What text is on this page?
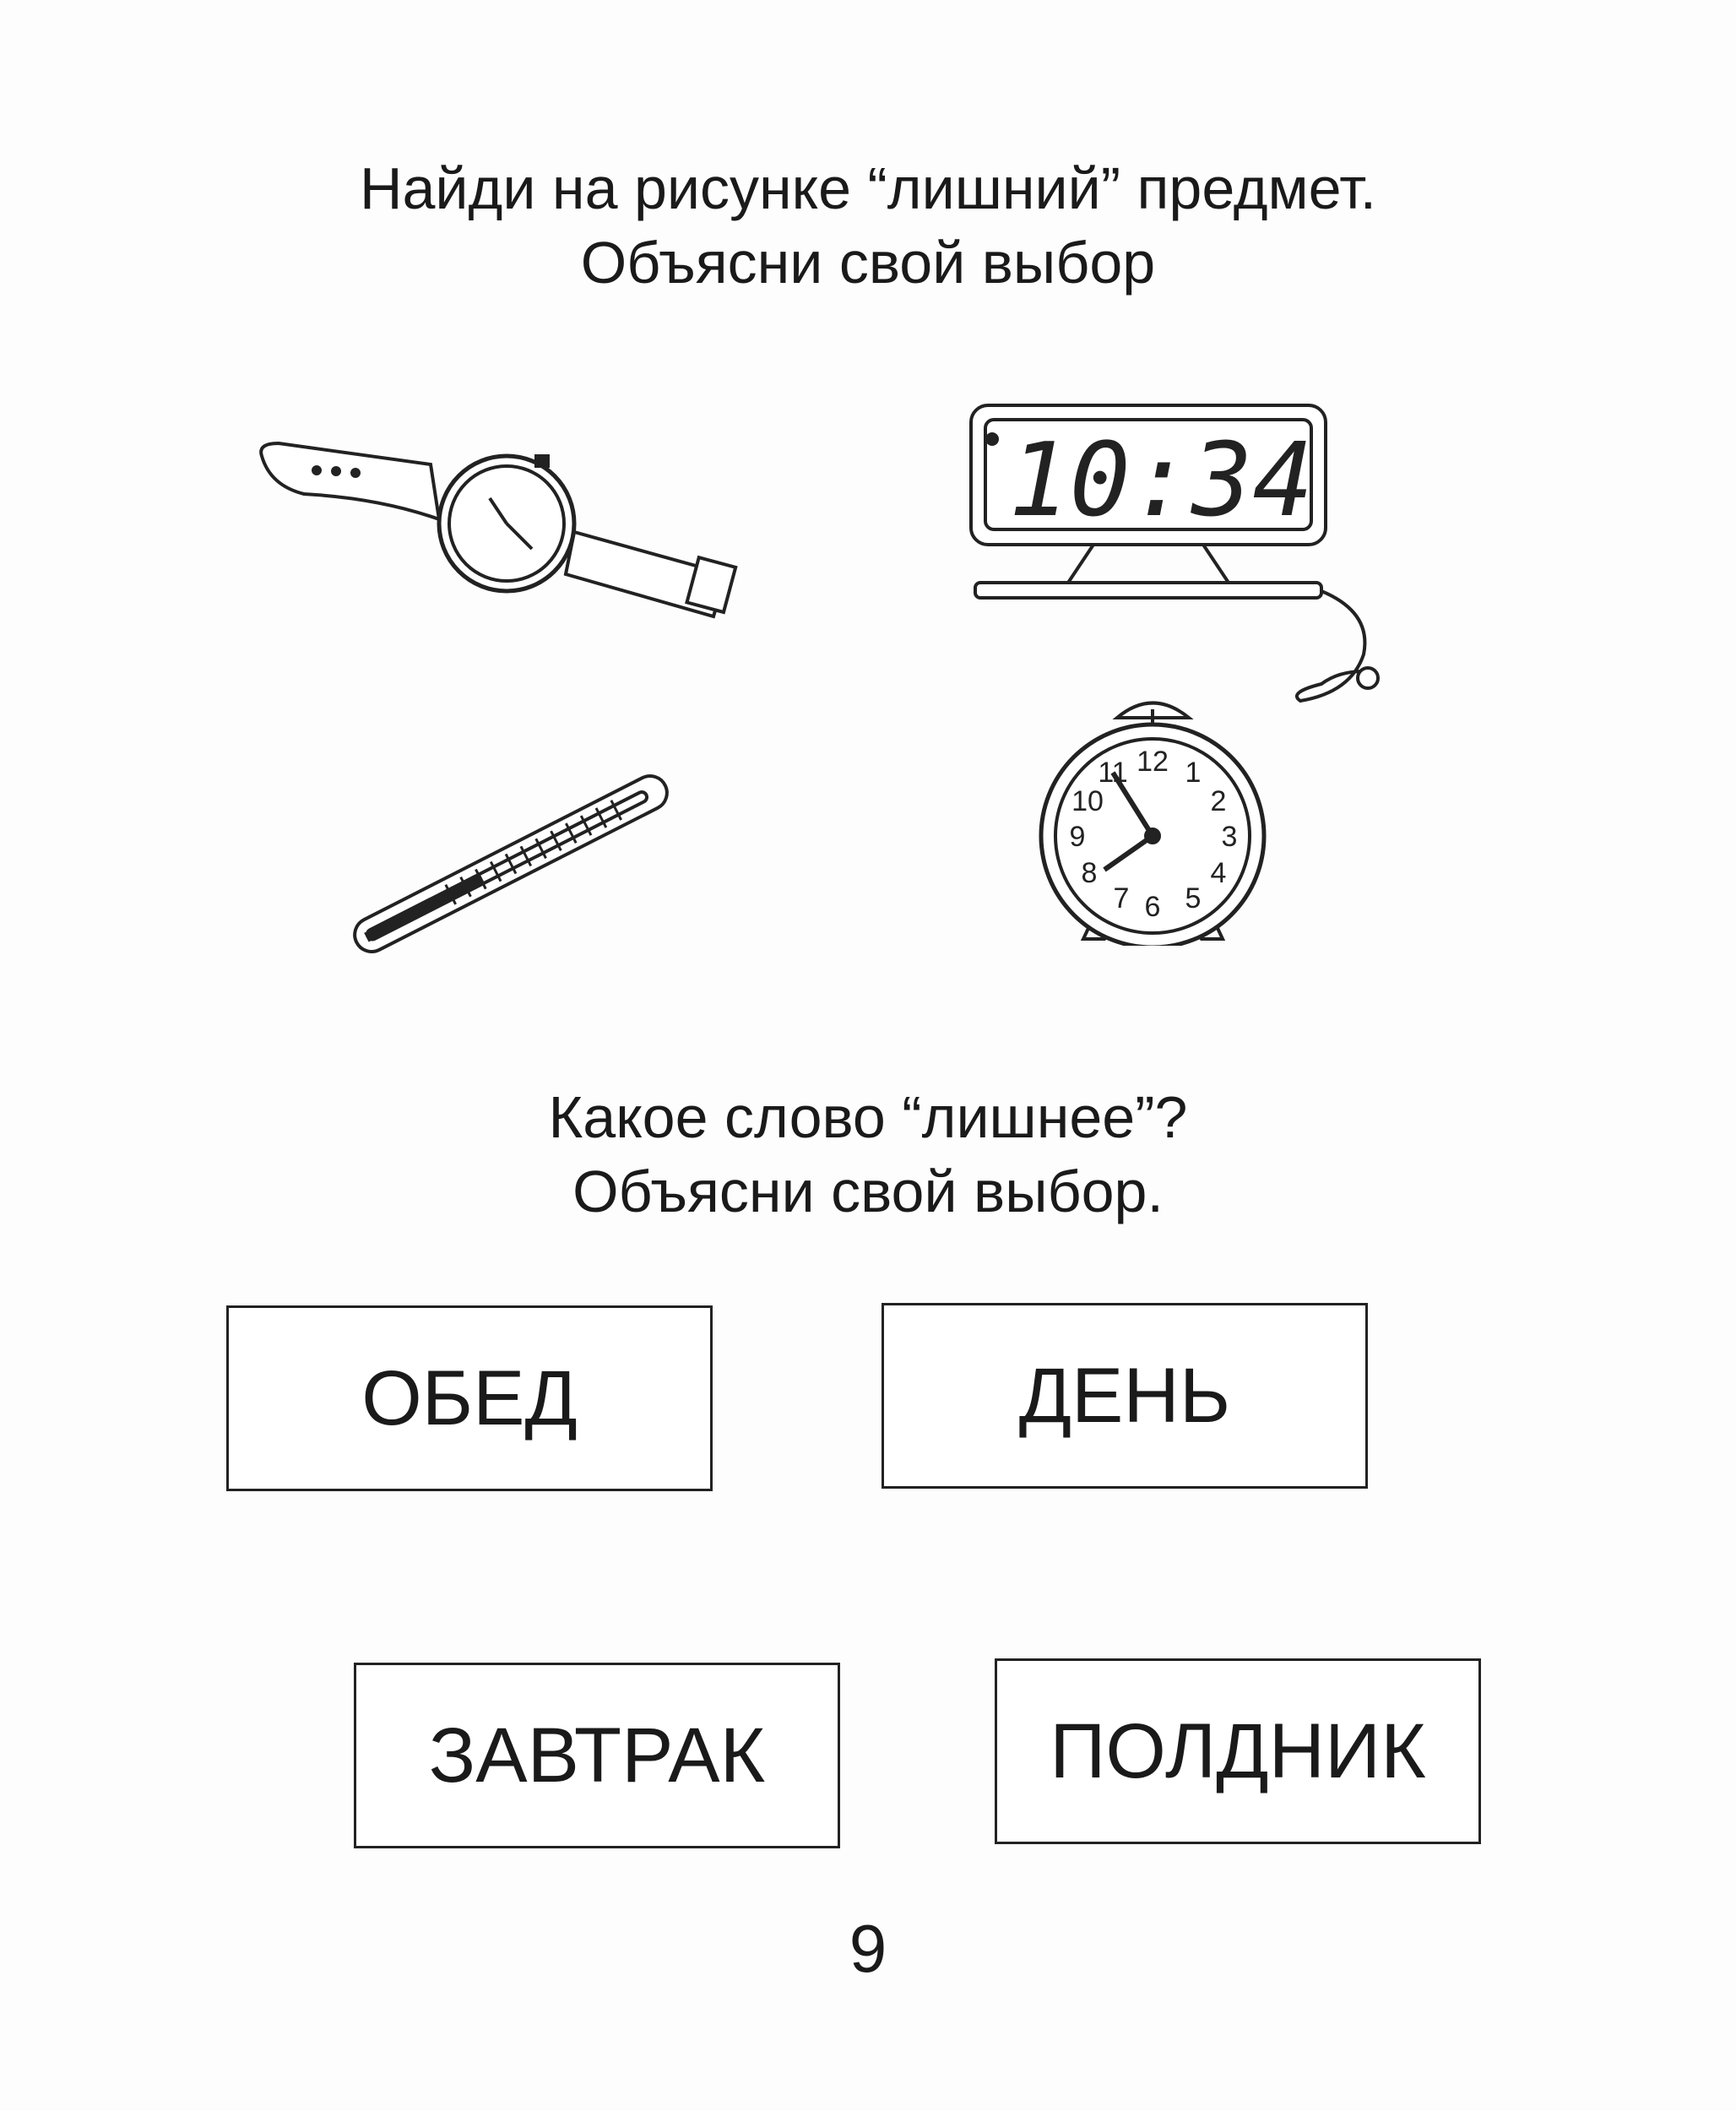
Найди на рисунке “лишний” предмет.
Объясни свой выбор
10:34
12 1
2
3
4
5
6
7
8
9
10
11
Какое слово “лишнее”?
Объясни свой выбор.
ОБЕД	ДЕНЬ
ЗАВТРАК	ПОЛДНИК
9
